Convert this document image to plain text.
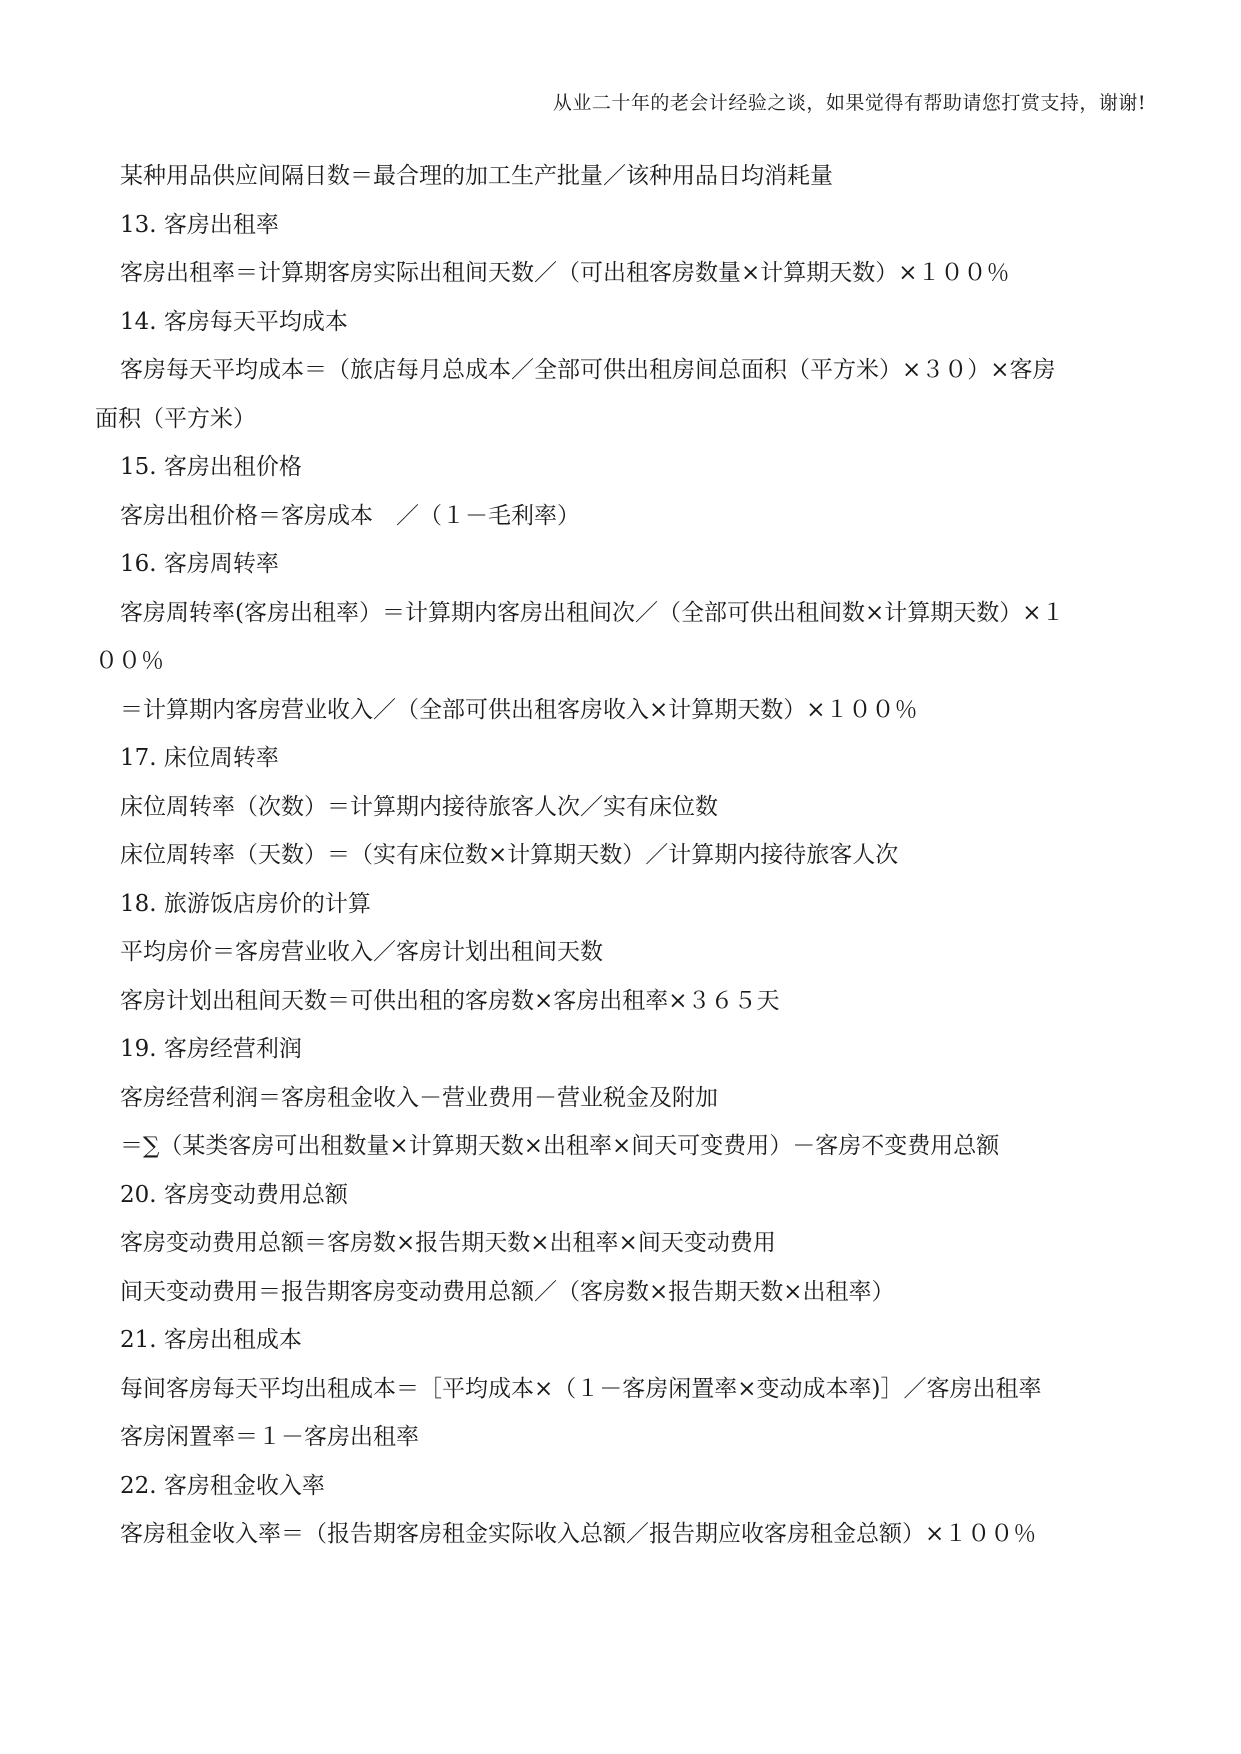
从业二十年的老会计经验之谈，如果觉得有帮助请您打赏支持，谢谢!
某种用品供应间隔日数＝最合理的加工生产批量／该种用品日均消耗量
13. 客房出租率
客房出租率＝计算期客房实际出租间天数／（可出租客房数量×计算期天数）×１００％
14. 客房每天平均成本
客房每天平均成本＝（旅店每月总成本／全部可供出租房间总面积（平方米）×３０）×客房
面积（平方米）
15. 客房出租价格
客房出租价格＝客房成本　／（１－毛利率）
16. 客房周转率
客房周转率(客房出租率）＝计算期内客房出租间次／（全部可供出租间数×计算期天数）×１
００％
＝计算期内客房营业收入／（全部可供出租客房收入×计算期天数）×１００％
17. 床位周转率
床位周转率（次数）＝计算期内接待旅客人次／实有床位数
床位周转率（天数）＝（实有床位数×计算期天数）／计算期内接待旅客人次
18. 旅游饭店房价的计算
平均房价＝客房营业收入／客房计划出租间天数
客房计划出租间天数＝可供出租的客房数×客房出租率×３６５天
19. 客房经营利润
客房经营利润＝客房租金收入－营业费用－营业税金及附加
＝∑（某类客房可出租数量×计算期天数×出租率×间天可变费用）－客房不变费用总额
20. 客房变动费用总额
客房变动费用总额＝客房数×报告期天数×出租率×间天变动费用
间天变动费用＝报告期客房变动费用总额／（客房数×报告期天数×出租率）
21. 客房出租成本
每间客房每天平均出租成本＝［平均成本×（１－客房闲置率×变动成本率)］／客房出租率
客房闲置率＝１－客房出租率
22. 客房租金收入率
客房租金收入率＝（报告期客房租金实际收入总额／报告期应收客房租金总额）×１００％
